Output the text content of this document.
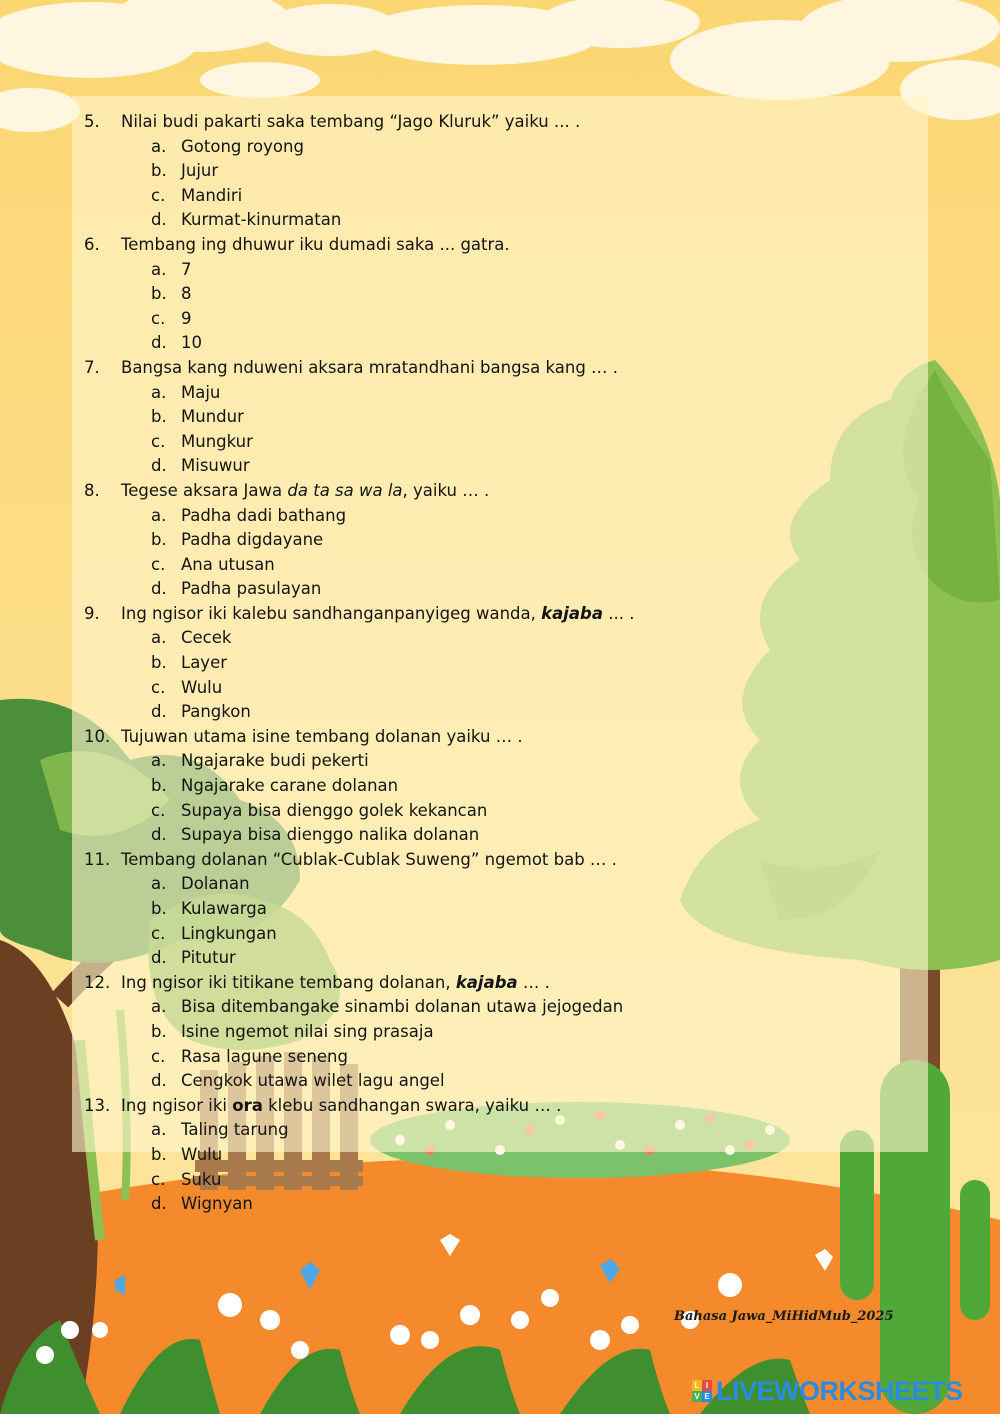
5. Nilai budi pakarti saka tembang “Jago Kluruk” yaiku ... .
a. Gotong royong
b. Jujur
c. Mandiri
d. Kurmat-kinurmatan
6. Tembang ing dhuwur iku dumadi saka ... gatra.
a. 7
b. 8
c. 9
d. 10
7. Bangsa kang nduweni aksara mratandhani bangsa kang … .
a. Maju
b. Mundur
c. Mungkur
d. Misuwur
8. Tegese aksara Jawa da ta sa wa la, yaiku … .
a. Padha dadi bathang
b. Padha digdayane
c. Ana utusan
d. Padha pasulayan
9. Ing ngisor iki kalebu sandhanganpanyigeg wanda, kajaba ... .
a. Cecek
b. Layer
c. Wulu
d. Pangkon
10. Tujuwan utama isine tembang dolanan yaiku … .
a. Ngajarake budi pekerti
b. Ngajarake carane dolanan
c. Supaya bisa dienggo golek kekancan
d. Supaya bisa dienggo nalika dolanan
11. Tembang dolanan “Cublak-Cublak Suweng” ngemot bab … .
a. Dolanan
b. Kulawarga
c. Lingkungan
d. Pitutur
12. Ing ngisor iki titikane tembang dolanan, kajaba … .
a. Bisa ditembangake sinambi dolanan utawa jejogedan
b. Isine ngemot nilai sing prasaja
c. Rasa lagune seneng
d. Cengkok utawa wilet lagu angel
13. Ing ngisor iki ora klebu sandhangan swara, yaiku … .
a. Taling tarung
b. Wulu
c. Suku
d. Wignyan
Bahasa Jawa_MiHidMub_2025
L I
V E LIVEWORKSHEETS
